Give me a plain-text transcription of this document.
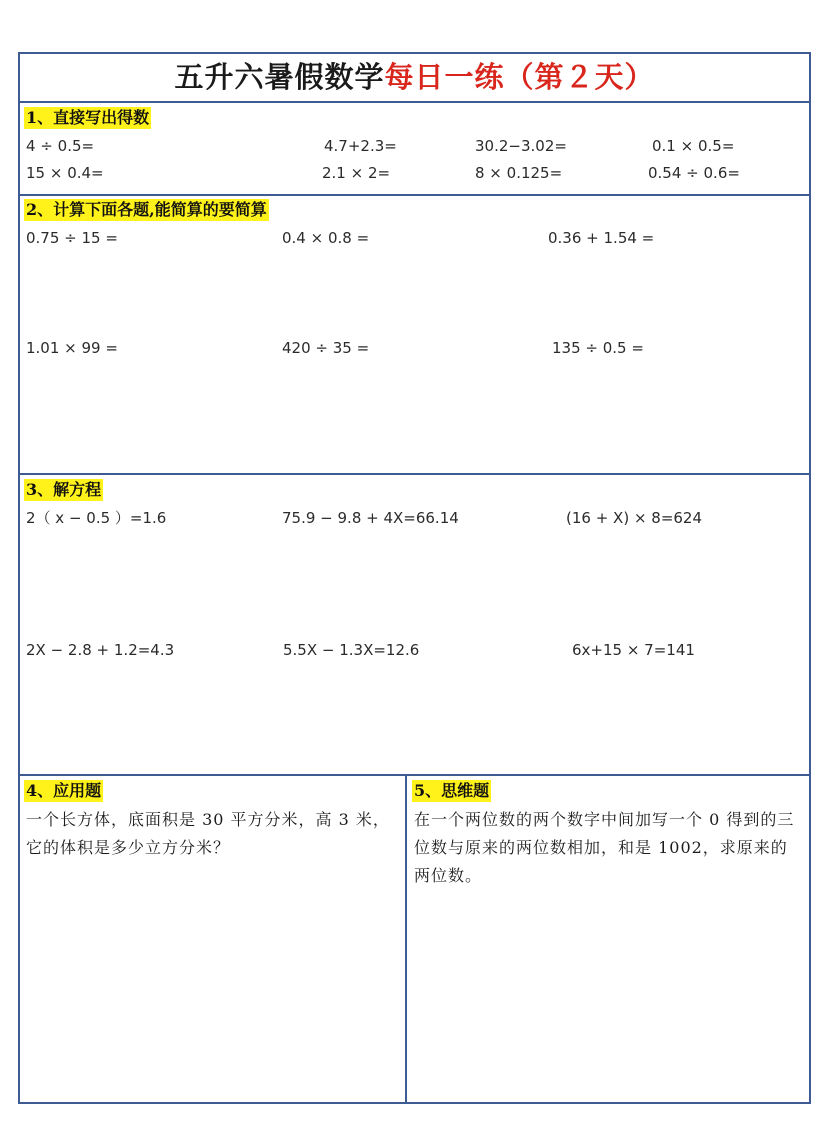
五升六暑假数学每日一练（第２天）
1、直接写出得数
4 ÷ 0.5=	4.7+2.3=	30.2−3.02=	0.1 × 0.5=
15 × 0.4=	2.1 × 2=	8 × 0.125=	0.54 ÷ 0.6=
2、计算下面各题,能简算的要简算
0.75 ÷ 15 =	0.4 × 0.8 =	0.36 + 1.54 =
1.01 × 99 =	420 ÷ 35 =	135 ÷ 0.5 =
3、解方程
2（ x − 0.5 ）=1.6	75.9 − 9.8 + 4X=66.14	(16 + X) × 8=624
2X − 2.8 + 1.2=4.3	5.5X − 1.3X=12.6	6x+15 × 7=141
4、应用题
一个长方体，底面积是 30 平方分米，高 3 米，它的体积是多少立方分米？
5、思维题
在一个两位数的两个数字中间加写一个 0 得到的三位数与原来的两位数相加，和是 1002，求原来的两位数。
